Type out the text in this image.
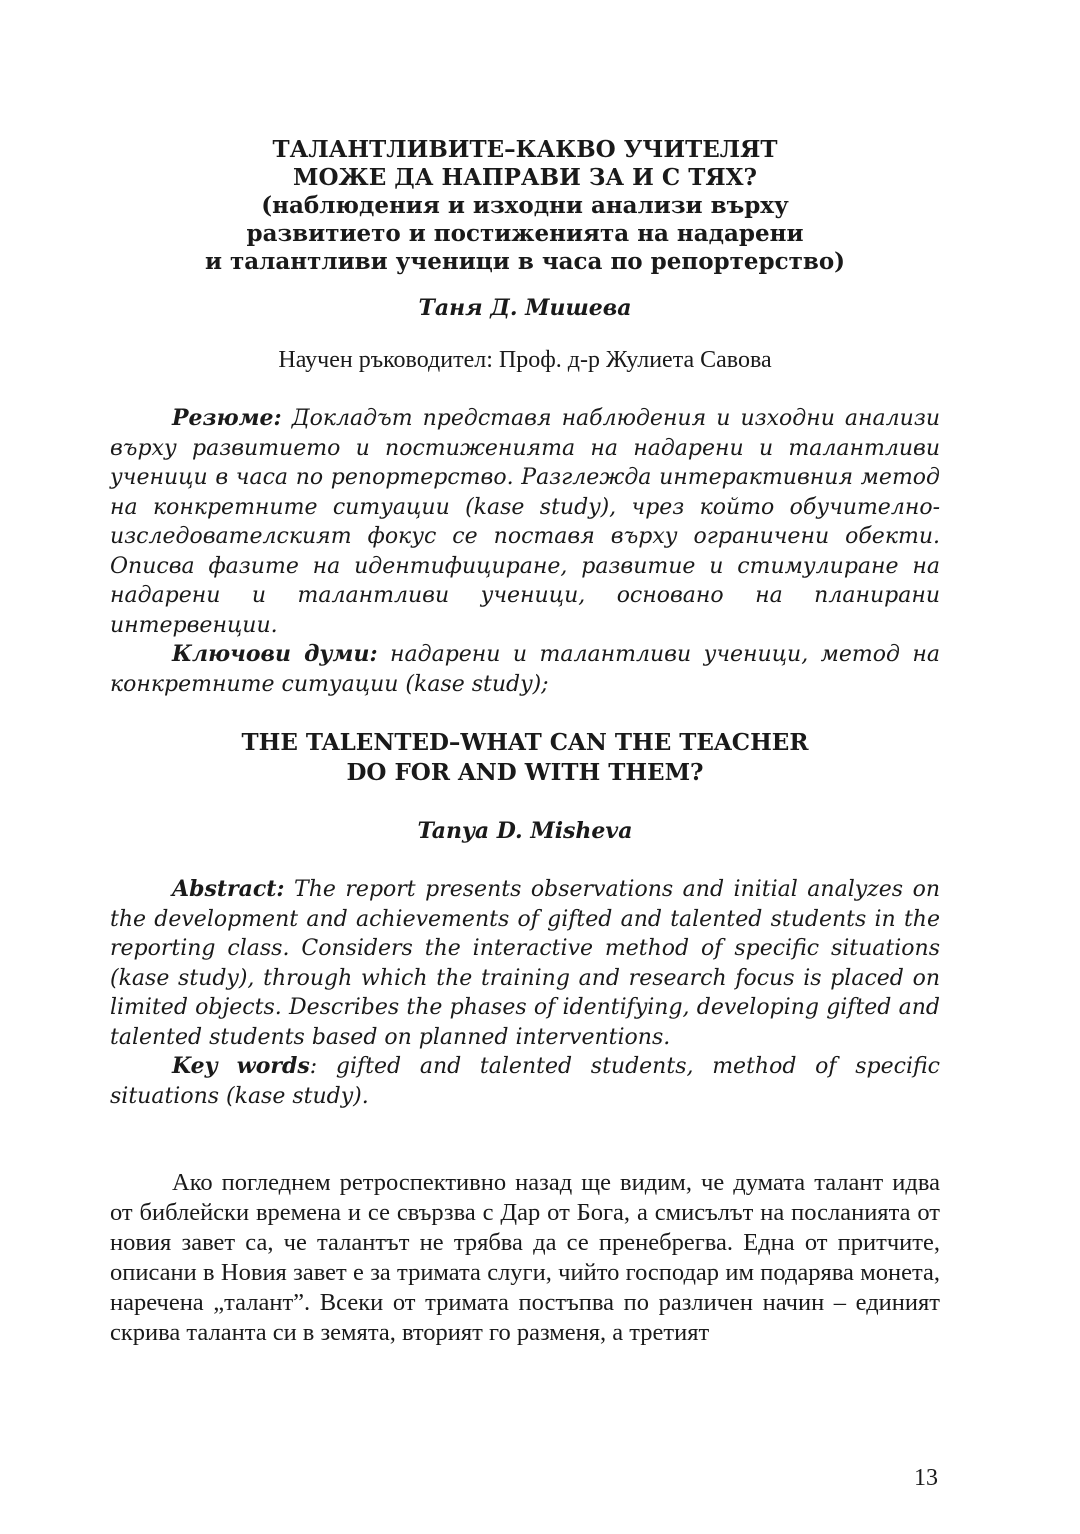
ТАЛАНТЛИВИТЕ–КАКВО УЧИТЕЛЯТ
МОЖЕ ДА НАПРАВИ ЗА И С ТЯХ?
(наблюдения и изходни анализи върху
развитието и постиженията на надарени
и талантливи ученици в часа по репортерство)
Таня Д. Мишева
Научен ръководител: Проф. д-р Жулиета Савова

Резюме: Докладът представя наблюдения и изходни анализи върху развитието и постиженията на надарени и талантливи ученици в часа по репортерство. Разглежда интерактивния метод на конкретните ситуации (kase study), чрез който обучително-изследователският фокус се поставя върху ограничени обекти. Описва фазите на идентифициране, развитие и стимулиране на надарени и талантливи ученици, основано на планирани интервенции.

Ключови думи: надарени и талантливи ученици, метод на конкретните ситуации (kase study);

THE TALENTED–WHAT CAN THE TEACHER
DO FOR AND WITH THEM?
Tanya D. Misheva

Abstract: The report presents observations and initial analyzes on the development and achievements of gifted and talented students in the reporting class. Considers the interactive method of specific situations (kase study), through which the training and research focus is placed on limited objects. Describes the phases of identifying, developing gifted and talented students based on planned interventions.

Key words: gifted and talented students, method of specific situations (kase study).

Ако погледнем ретроспективно назад ще видим, че думата талант идва от библейски времена и се свързва с Дар от Бога, а смисълът на посланията от новия завет са, че талантът не трябва да се пренебрегва. Една от притчите, описани в Новия завет е за тримата слуги, чийто господар им подарява монета, наречена „талант”. Всеки от тримата постъпва по различен начин – единият скрива таланта си в земята, вторият го разменя, а третият
13
